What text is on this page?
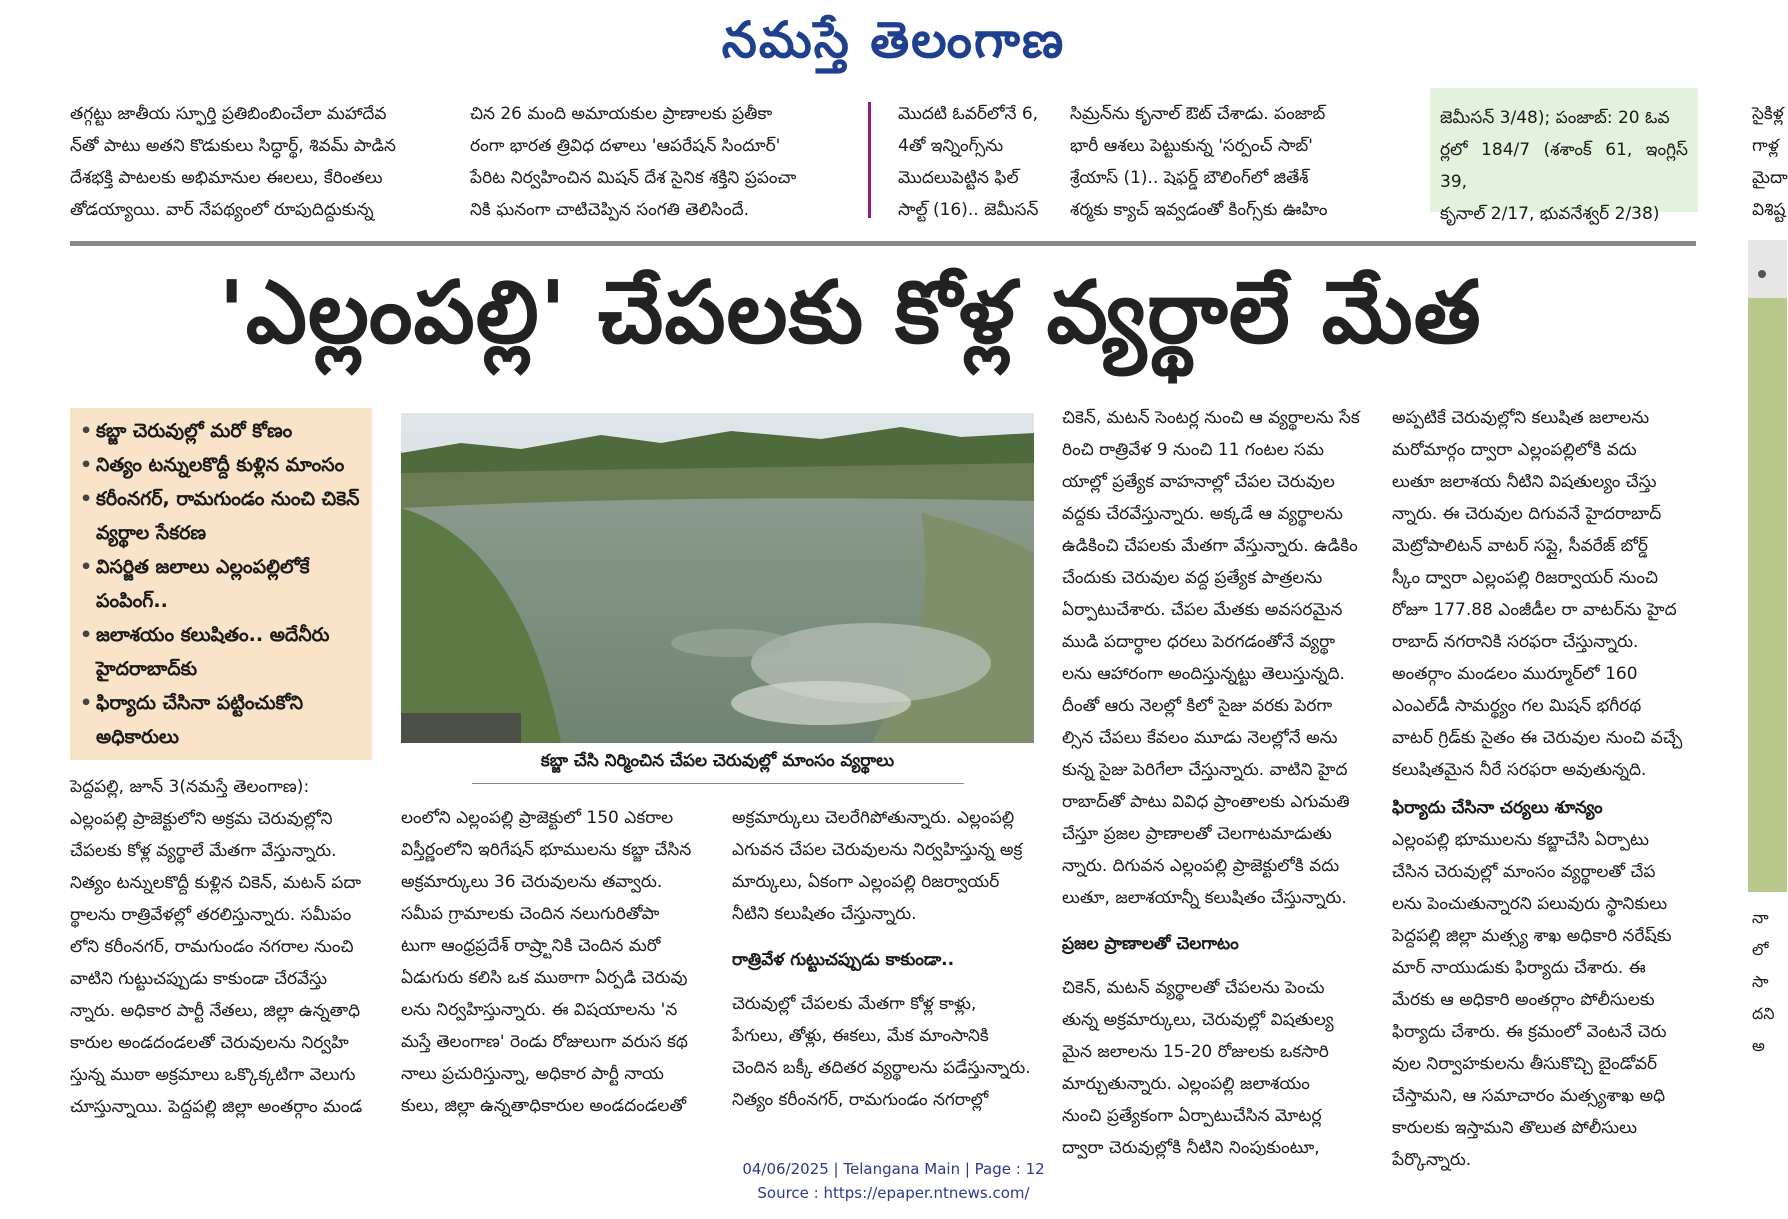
నమస్తే తెలంగాణ
తగ్గట్టు జాతీయ స్ఫూర్తి ప్రతిబింబించేలా మహాదేవ
న్‌తో పాటు అతని కొడుకులు సిద్ధార్థ్, శివమ్ పాడిన
దేశభక్తి పాటలకు అభిమానుల ఈలలు, కేరింతలు
తోడయ్యాయి. వార్ నేపథ్యంలో రూపుదిద్దుకున్న
చిన 26 మంది అమాయకుల ప్రాణాలకు ప్రతీకా
రంగా భారత త్రివిధ దళాలు 'ఆపరేషన్ సిందూర్'
పేరిట నిర్వహించిన మిషన్ దేశ సైనిక శక్తిని ప్రపంచా
నికి ఘనంగా చాటిచెప్పిన సంగతి తెలిసిందే.
మొదటి ఓవర్‌లోనే 6,
4తో ఇన్నింగ్స్‌ను
మొదలుపెట్టిన ఫిల్
సాల్ట్ (16).. జెమీసన్
సిమ్రన్‌ను కృనాల్ ఔట్ చేశాడు. పంజాబ్
భారీ ఆశలు పెట్టుకున్న 'సర్పంచ్ సాబ్'
శ్రేయాస్ (1).. షెఫర్డ్ బౌలింగ్‌లో జితేశ్
శర్మకు క్యాచ్ ఇవ్వడంతో కింగ్స్‌కు ఊహిం
జెమీసన్ 3/48); పంజాబ్: 20 ఓవ
ర్లలో 184/7 (శశాంక్ 61, ఇంగ్లిస్ 39,
కృనాల్ 2/17, భువనేశ్వర్ 2/38)
సైకిళ్ల
గాళ్ల
మైదా
విశిష్ట
'ఎల్లంపల్లి' చేపలకు కోళ్ల వ్యర్థాలే మేత
• కబ్జా చెరువుల్లో మరో కోణం
• నిత్యం టన్నులకొద్దీ కుళ్లిన మాంసం
• కరీంనగర్, రామగుండం నుంచి చికెన్ వ్యర్థాల సేకరణ
• విసర్జిత జలాలు ఎల్లంపల్లిలోకే పంపింగ్..
• జలాశయం కలుషితం.. అదేనీరు హైదరాబాద్‌కు
• ఫిర్యాదు చేసినా పట్టించుకోని అధికారులు
కబ్జా చేసి నిర్మించిన చేపల చెరువుల్లో మాంసం వ్యర్థాలు
పెద్దపల్లి, జూన్ 3(నమస్తే తెలంగాణ):
ఎల్లంపల్లి ప్రాజెక్టులోని అక్రమ చెరువుల్లోని
చేపలకు కోళ్ల వ్యర్థాలే మేతగా వేస్తున్నారు.
నిత్యం టన్నులకొద్దీ కుళ్లిన చికెన్, మటన్ పదా
ర్థాలను రాత్రివేళల్లో తరలిస్తున్నారు. సమీపం
లోని కరీంనగర్, రామగుండం నగరాల నుంచి
వాటిని గుట్టుచప్పుడు కాకుండా చేరవేస్తు
న్నారు. అధికార పార్టీ నేతలు, జిల్లా ఉన్నతాధి
కారుల అండదండలతో చెరువులను నిర్వహి
స్తున్న ముఠా అక్రమాలు ఒక్కొక్కటిగా వెలుగు
చూస్తున్నాయి. పెద్దపల్లి జిల్లా అంతర్గాం మండ
లంలోని ఎల్లంపల్లి ప్రాజెక్టులో 150 ఎకరాల
విస్తీర్ణంలోని ఇరిగేషన్ భూములను కబ్జా చేసిన
అక్రమార్కులు 36 చెరువులను తవ్వారు.
సమీప గ్రామాలకు చెందిన నలుగురితోపా
టుగా ఆంధ్రప్రదేశ్ రాష్ర్టానికి చెందిన మరో
ఏడుగురు కలిసి ఒక ముఠాగా ఏర్పడి చెరువు
లను నిర్వహిస్తున్నారు. ఈ విషయాలను 'న
మస్తే తెలంగాణ' రెండు రోజులుగా వరుస కథ
నాలు ప్రచురిస్తున్నా, అధికార పార్టీ నాయ
కులు, జిల్లా ఉన్నతాధికారుల అండదండలతో
అక్రమార్కులు చెలరేగిపోతున్నారు. ఎల్లంపల్లి
ఎగువన చేపల చెరువులను నిర్వహిస్తున్న అక్ర
మార్కులు, ఏకంగా ఎల్లంపల్లి రిజర్వాయర్
నీటిని కలుషితం చేస్తున్నారు.
రాత్రివేళ గుట్టుచప్పుడు కాకుండా..
చెరువుల్లో చేపలకు మేతగా కోళ్ల కాళ్లు,
పేగులు, తోళ్లు, ఈకలు, మేక మాంసానికి
చెందిన బక్కీ తదితర వ్యర్థాలను పడేస్తున్నారు.
నిత్యం కరీంనగర్, రామగుండం నగరాల్లో
చికెన్, మటన్ సెంటర్ల నుంచి ఆ వ్యర్థాలను సేక
రించి రాత్రివేళ 9 నుంచి 11 గంటల సమ
యాల్లో ప్రత్యేక వాహనాల్లో చేపల చెరువుల
వద్దకు చేరవేస్తున్నారు. అక్కడే ఆ వ్యర్థాలను
ఉడికించి చేపలకు మేతగా వేస్తున్నారు. ఉడికిం
చేందుకు చెరువుల వద్ద ప్రత్యేక పాత్రలను
ఏర్పాటుచేశారు. చేపల మేతకు అవసరమైన
ముడి పదార్థాల ధరలు పెరగడంతోనే వ్యర్థా
లను ఆహారంగా అందిస్తున్నట్టు తెలుస్తున్నది.
దీంతో ఆరు నెలల్లో కిలో సైజు వరకు పెరగా
ల్సిన చేపలు కేవలం మూడు నెలల్లోనే అను
కున్న సైజు పెరిగేలా చేస్తున్నారు. వాటిని హైద
రాబాద్‌తో పాటు వివిధ ప్రాంతాలకు ఎగుమతి
చేస్తూ ప్రజల ప్రాణాలతో చెలగాటమాడుతు
న్నారు. దిగువన ఎల్లంపల్లి ప్రాజెక్టులోకి వదు
లుతూ, జలాశయాన్నీ కలుషితం చేస్తున్నారు.
ప్రజల ప్రాణాలతో చెలగాటం
చికెన్, మటన్ వ్యర్థాలతో చేపలను పెంచు
తున్న అక్రమార్కులు, చెరువుల్లో విషతుల్య
మైన జలాలను 15-20 రోజులకు ఒకసారి
మార్చుతున్నారు. ఎల్లంపల్లి జలాశయం
నుంచి ప్రత్యేకంగా ఏర్పాటుచేసిన మోటర్ల
ద్వారా చెరువుల్లోకి నీటిని నింపుకుంటూ,
అప్పటికే చెరువుల్లోని కలుషిత జలాలను
మరోమార్గం ద్వారా ఎల్లంపల్లిలోకి వదు
లుతూ జలాశయ నీటిని విషతుల్యం చేస్తు
న్నారు. ఈ చెరువుల దిగువనే హైదరాబాద్
మెట్రోపాలిటన్ వాటర్ సప్లై, సీవరేజ్ బోర్డ్
స్కీం ద్వారా ఎల్లంపల్లి రిజర్వాయర్ నుంచి
రోజూ 177.88 ఎంజీడీల రా వాటర్‌ను హైద
రాబాద్ నగరానికి సరఫరా చేస్తున్నారు.
అంతర్గాం మండలం ముర్మూర్‌లో 160
ఎంఎల్‌డీ సామర్థ్యం గల మిషన్ భగీరథ
వాటర్ గ్రిడ్‌కు సైతం ఈ చెరువుల నుంచి వచ్చే
కలుషితమైన నీరే సరఫరా అవుతున్నది.
ఫిర్యాదు చేసినా చర్యలు శూన్యం
ఎల్లంపల్లి భూములను కబ్జాచేసి ఏర్పాటు
చేసిన చెరువుల్లో మాంసం వ్యర్థాలతో చేప
లను పెంచుతున్నారని పలువురు స్థానికులు
పెద్దపల్లి జిల్లా మత్స్య శాఖ అధికారి నరేష్‌కు
మార్ నాయుడుకు ఫిర్యాదు చేశారు. ఈ
మేరకు ఆ అధికారి అంతర్గాం పోలీసులకు
ఫిర్యాదు చేశారు. ఈ క్రమంలో వెంటనే చెరు
వుల నిర్వాహకులను తీసుకొచ్చి బైండోవర్
చేస్తామని, ఆ సమాచారం మత్స్యశాఖ అధి
కారులకు ఇస్తామని తొలుత పోలీసులు
పేర్కొన్నారు.
నా
లో
సా
దని
అ
04/06/2025 | Telangana Main | Page : 12
Source : https://epaper.ntnews.com/
